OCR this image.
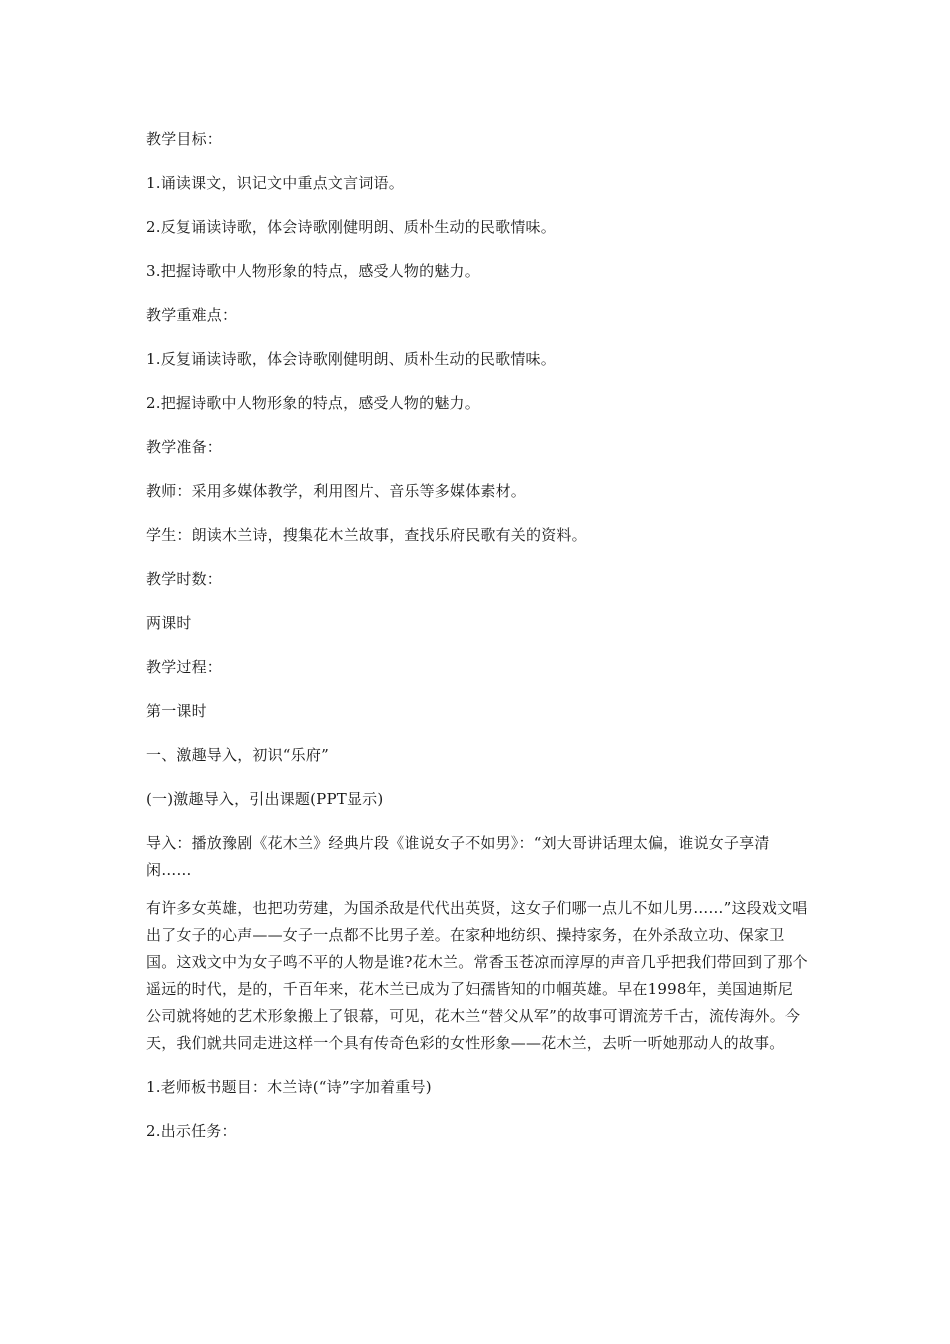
教学目标：

1.诵读课文，识记文中重点文言词语。

2.反复诵读诗歌，体会诗歌刚健明朗、质朴生动的民歌情味。

3.把握诗歌中人物形象的特点，感受人物的魅力。

教学重难点：

1.反复诵读诗歌，体会诗歌刚健明朗、质朴生动的民歌情味。

2.把握诗歌中人物形象的特点，感受人物的魅力。

教学准备：

教师：采用多媒体教学，利用图片、音乐等多媒体素材。

学生：朗读木兰诗，搜集花木兰故事，查找乐府民歌有关的资料。

教学时数：

两课时

教学过程：

第一课时

一、激趣导入，初识“乐府”

(一)激趣导入，引出课题(PPT显示)

导入：播放豫剧《花木兰》经典片段《谁说女子不如男》：“刘大哥讲话理太偏，谁说女子享清闲……

有许多女英雄，也把功劳建，为国杀敌是代代出英贤，这女子们哪一点儿不如儿男……”这段戏文唱出了女子的心声——女子一点都不比男子差。在家种地纺织、操持家务，在外杀敌立功、保家卫国。这戏文中为女子鸣不平的人物是谁?花木兰。常香玉苍凉而淳厚的声音几乎把我们带回到了那个遥远的时代，是的，千百年来，花木兰已成为了妇孺皆知的巾帼英雄。早在1998年，美国迪斯尼公司就将她的艺术形象搬上了银幕，可见，花木兰“替父从军”的故事可谓流芳千古，流传海外。今天，我们就共同走进这样一个具有传奇色彩的女性形象——花木兰，去听一听她那动人的故事。

1.老师板书题目：木兰诗(“诗”字加着重号)

2.出示任务：
